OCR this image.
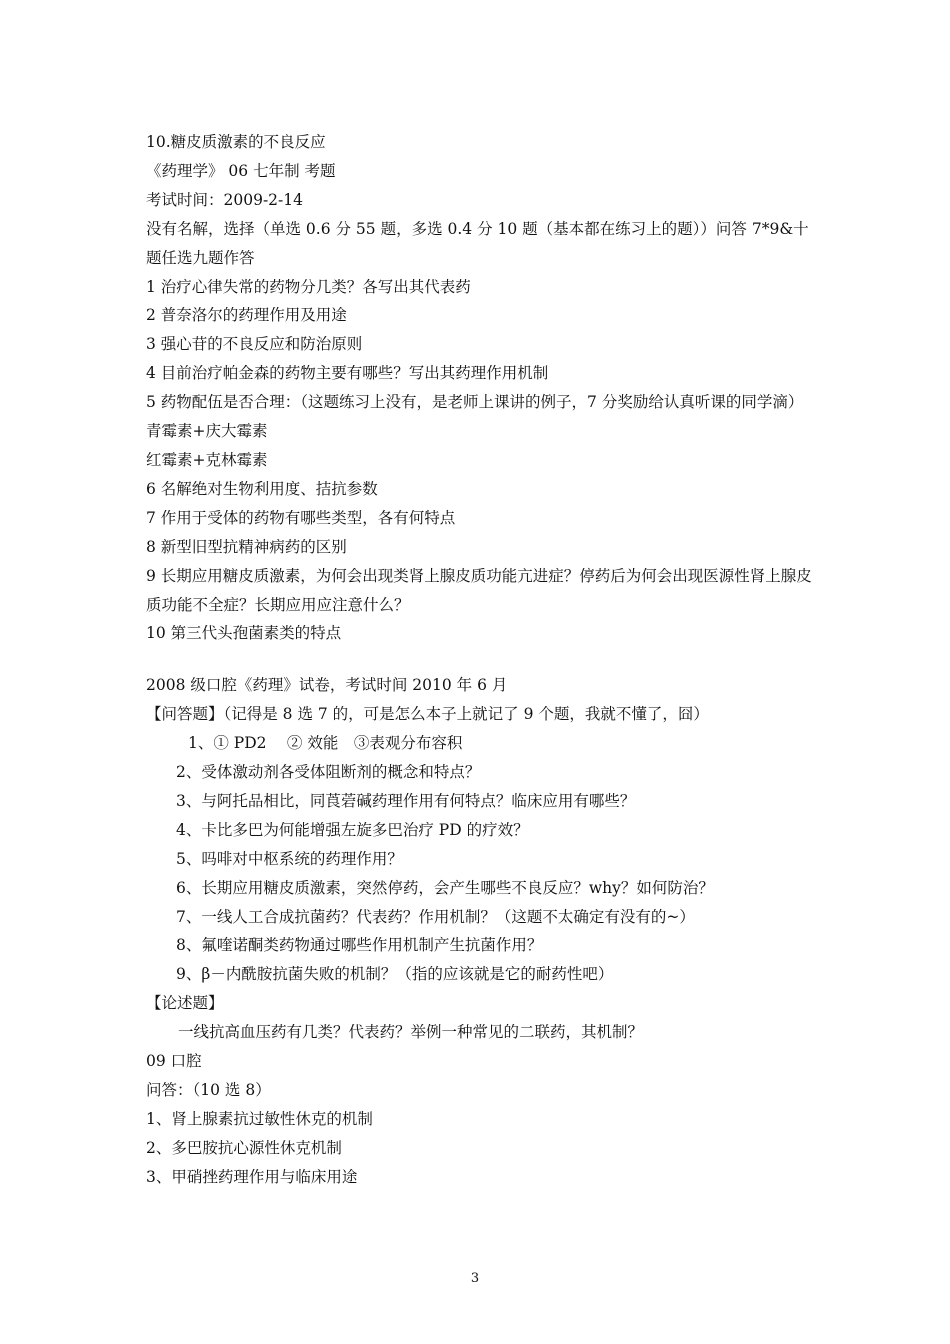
10.糖皮质激素的不良反应
《药理学》 06 七年制 考题
考试时间：2009-2-14
没有名解，选择（单选 0.6 分 55 题，多选 0.4 分 10 题（基本都在练习上的题））问答 7*9&十题任选九题作答
1 治疗心律失常的药物分几类？各写出其代表药
2 普奈洛尔的药理作用及用途
3 强心苷的不良反应和防治原则
4 目前治疗帕金森的药物主要有哪些？写出其药理作用机制
5 药物配伍是否合理：（这题练习上没有，是老师上课讲的例子，7 分奖励给认真听课的同学滴）
青霉素+庆大霉素
红霉素+克林霉素
6 名解绝对生物利用度、拮抗参数
7 作用于受体的药物有哪些类型，各有何特点
8 新型旧型抗精神病药的区别
9 长期应用糖皮质激素，为何会出现类肾上腺皮质功能亢进症？停药后为何会出现医源性肾上腺皮质功能不全症？长期应用应注意什么？
10 第三代头孢菌素类的特点
2008 级口腔《药理》试卷，考试时间 2010 年 6 月
【问答题】（记得是 8 选 7 的，可是怎么本子上就记了 9 个题，我就不懂了，囧）
1、① PD2　 ② 效能　③表观分布容积
2、受体激动剂各受体阻断剂的概念和特点？
3、与阿托品相比，同莨菪碱药理作用有何特点？临床应用有哪些？
4、卡比多巴为何能增强左旋多巴治疗 PD 的疗效？
5、吗啡对中枢系统的药理作用？
6、长期应用糖皮质激素，突然停药，会产生哪些不良反应？why？如何防治？
7、一线人工合成抗菌药？代表药？作用机制？（这题不太确定有没有的~）
8、氟喹诺酮类药物通过哪些作用机制产生抗菌作用？
9、β－内酰胺抗菌失败的机制？（指的应该就是它的耐药性吧）
【论述题】
一线抗高血压药有几类？代表药？举例一种常见的二联药，其机制？
09 口腔
问答：（10 选 8）
1、肾上腺素抗过敏性休克的机制
2、多巴胺抗心源性休克机制
3、甲硝挫药理作用与临床用途
3
